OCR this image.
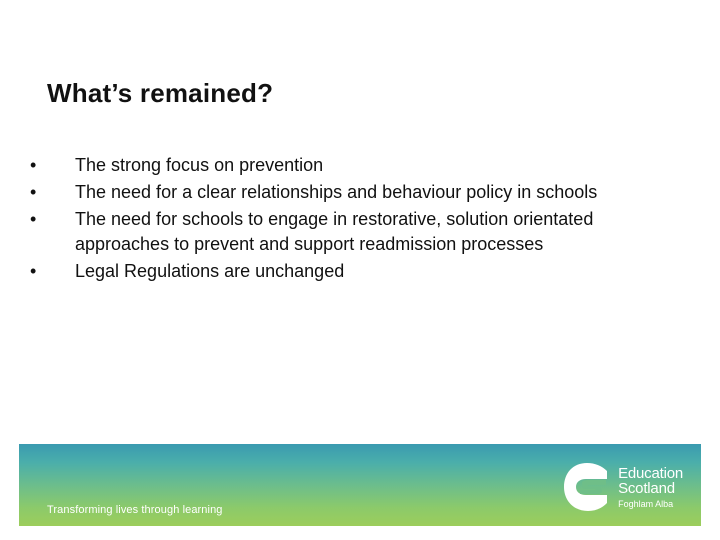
What’s remained?
•	The strong focus on prevention
•	The need for a clear relationships and behaviour policy in schools
•	The need for schools to engage in restorative, solution orientated approaches to prevent and support readmission processes
•	Legal Regulations are unchanged
Transforming lives through learning
Education
Scotland
Foghlam Alba
